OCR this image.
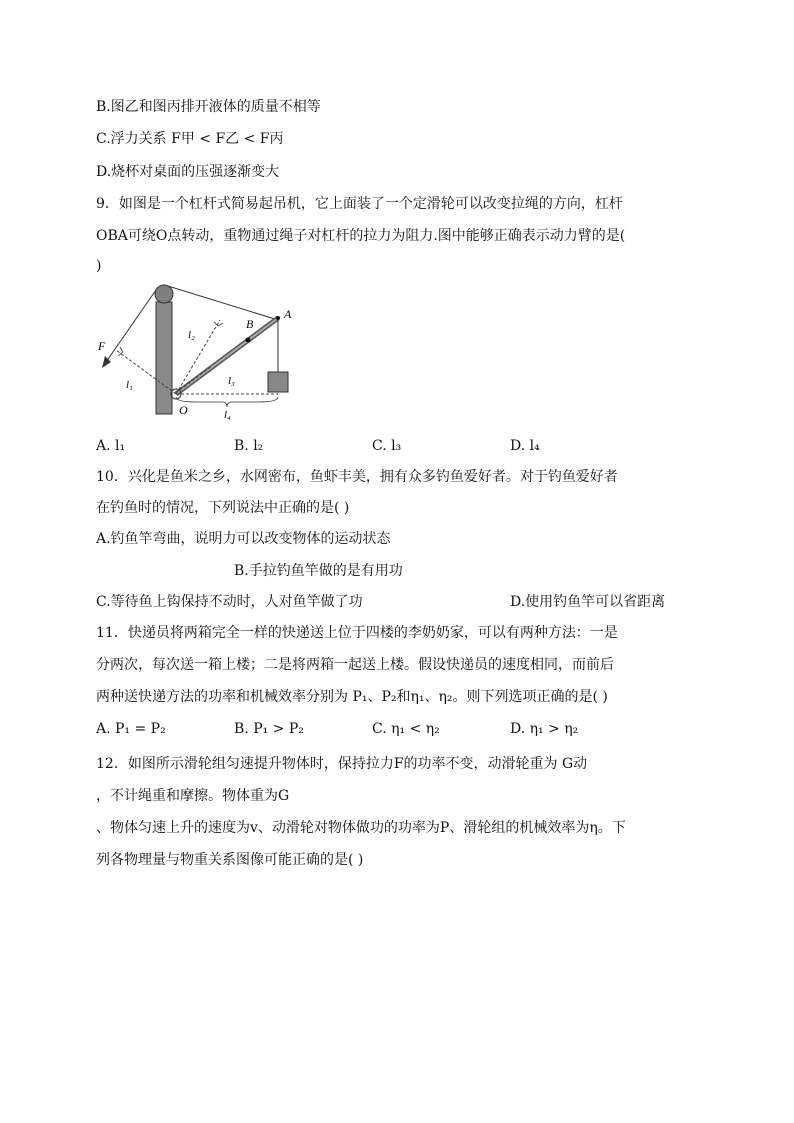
B.图乙和图丙排开液体的质量不相等
C.浮力关系 F甲 < F乙 < F丙
D.烧杯对桌面的压强逐渐变大
9．如图是一个杠杆式简易起吊机，它上面装了一个定滑轮可以改变拉绳的方向，杠杆
OBA可绕O点转动，重物通过绳子对杠杆的拉力为阻力.图中能够正确表示动力臂的是(
)
F
O
B
A
l₁
l₂
l₃
l₄
A. l₁	B. l₂	C. l₃	D. l₄
10．兴化是鱼米之乡，水网密布，鱼虾丰美，拥有众多钓鱼爱好者。对于钓鱼爱好者
在钓鱼时的情况，下列说法中正确的是( )
A.钓鱼竿弯曲，说明力可以改变物体的运动状态
B.手拉钓鱼竿做的是有用功
C.等待鱼上钩保持不动时，人对鱼竿做了功	D.使用钓鱼竿可以省距离
11．快递员将两箱完全一样的快递送上位于四楼的李奶奶家，可以有两种方法：一是
分两次，每次送一箱上楼；二是将两箱一起送上楼。假设快递员的速度相同，而前后
两种送快递方法的功率和机械效率分别为 P₁、P₂和η₁、η₂。则下列选项正确的是( )
A. P₁ = P₂	B. P₁ > P₂	C. η₁ < η₂	D. η₁ > η₂
12．如图所示滑轮组匀速提升物体时，保持拉力F的功率不变，动滑轮重为 G动
，不计绳重和摩擦。物体重为G
、物体匀速上升的速度为v、动滑轮对物体做功的功率为P、滑轮组的机械效率为η。下
列各物理量与物重关系图像可能正确的是( )
